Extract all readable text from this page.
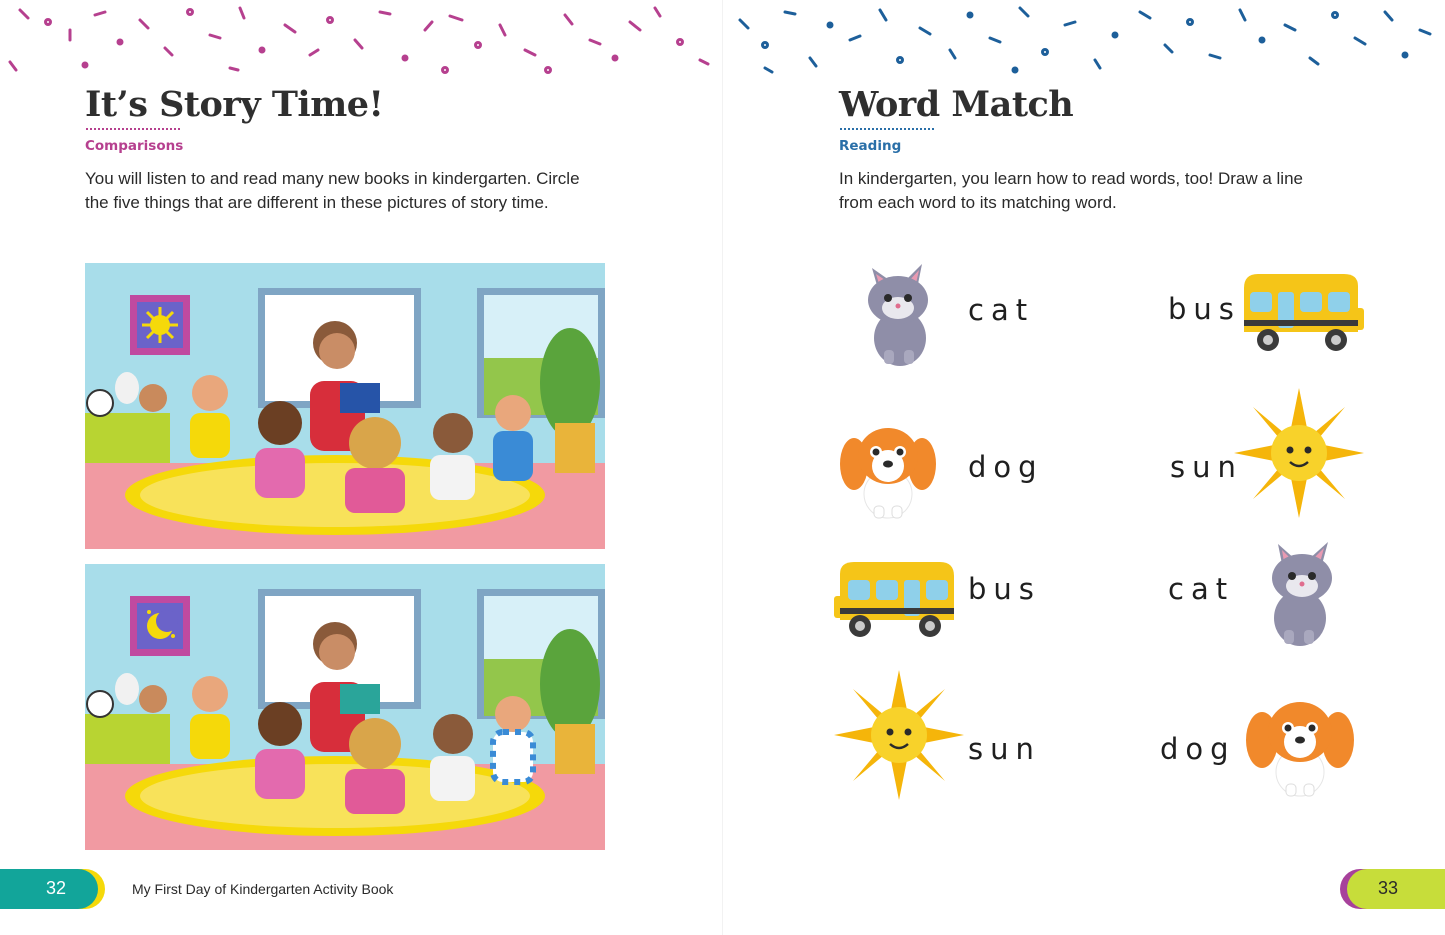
It’s Story Time!
Comparisons

You will listen to and read many new books in kindergarten. Circle

the five things that are different in these pictures of story time.

32	My First Day of Kindergarten Activity Book
Word Match
Reading

In kindergarten, you learn how to read words, too! Draw a line

from each word to its matching word.

cat
dog
bus
sun
bus
sun
cat
dog
33
